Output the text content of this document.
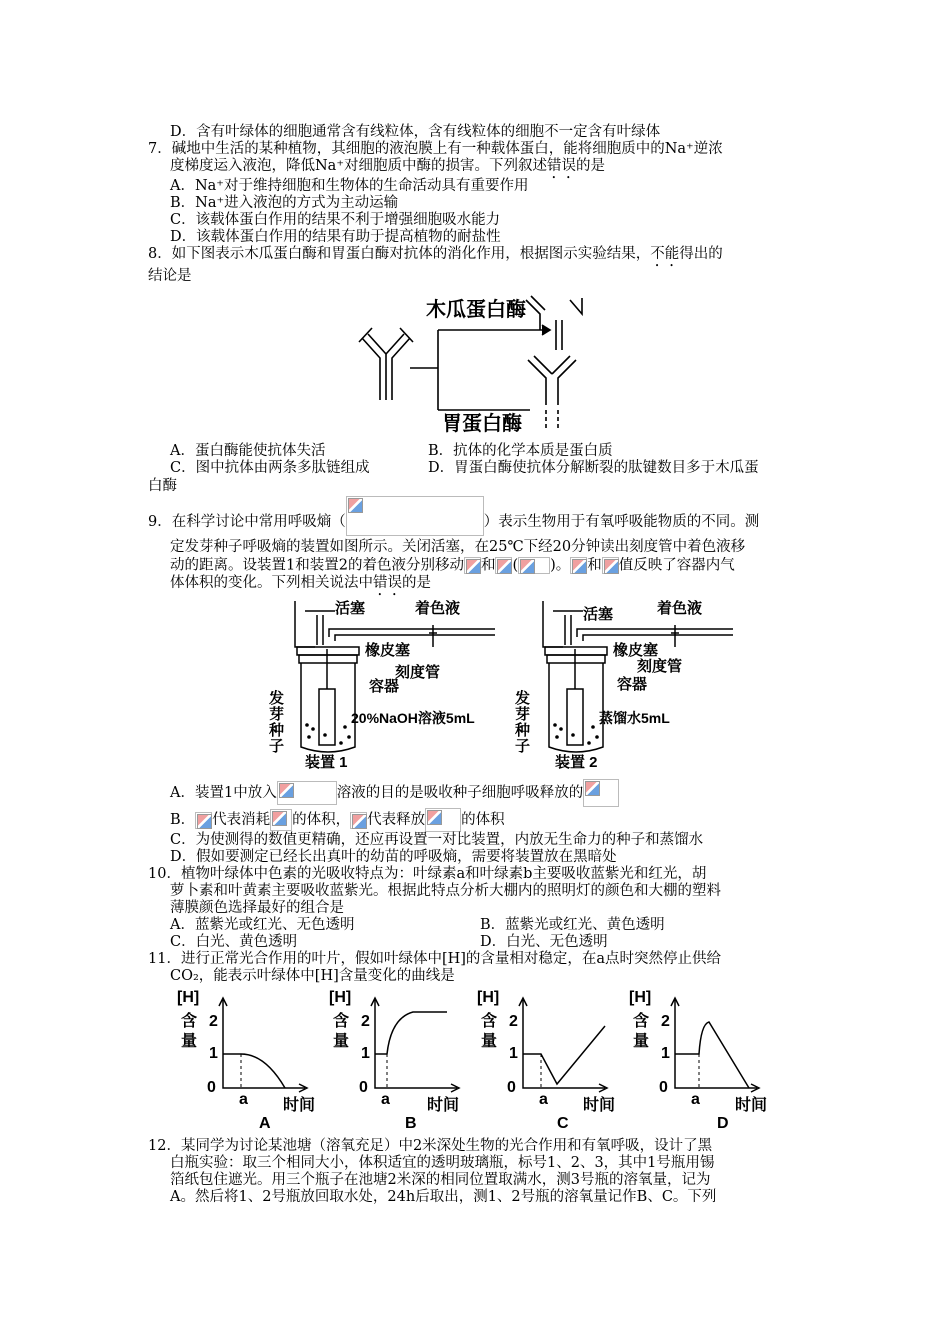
D．含有叶绿体的细胞通常含有线粒体，含有线粒体的细胞不一定含有叶绿体
7．碱地中生活的某种植物，其细胞的液泡膜上有一种载体蛋白，能将细胞质中的Na⁺逆浓
度梯度运入液泡，降低Na⁺对细胞质中酶的损害。下列叙述错误的是
A．Na⁺对于维持细胞和生物体的生命活动具有重要作用
B．Na⁺进入液泡的方式为主动运输
C．该载体蛋白作用的结果不利于增强细胞吸水能力
D．该载体蛋白作用的结果有助于提高植物的耐盐性
8．如下图表示木瓜蛋白酶和胃蛋白酶对抗体的消化作用，根据图示实验结果，不能得出的
结论是
木瓜蛋白酶
胃蛋白酶
A．蛋白酶能使抗体失活	B．抗体的化学本质是蛋白质
C．图中抗体由两条多肽链组成	D．胃蛋白酶使抗体分解断裂的肽键数目多于木瓜蛋
白酶
9．在科学讨论中常用呼吸熵（	）表示生物用于有氧呼吸能物质的不同。测
定发芽种子呼吸熵的装置如图所示。关闭活塞，在25℃下经20分钟读出刻度管中着色液移
动的距离。设装置1和装置2的着色液分别移动 和 ( )。 和 值反映了容器内气
体体积的变化。下列相关说法中错误的是
活塞	着色液
橡皮塞
刻度管
容器
20%NaOH溶液5mL
发
芽
种
子
装置 1
活塞	着色液
橡皮塞
刻度管
容器
蒸馏水5mL
发
芽
种
子
装置 2
A．装置1中放入	溶液的目的是吸收种子细胞呼吸释放的
B． 代表消耗 的体积， 代表释放 的体积
C．为使测得的数值更精确，还应再设置一对比装置，内放无生命力的种子和蒸馏水
D．假如要测定已经长出真叶的幼苗的呼吸熵，需要将装置放在黑暗处
10．植物叶绿体中色素的光吸收特点为：叶绿素a和叶绿素b主要吸收蓝紫光和红光，胡
萝卜素和叶黄素主要吸收蓝紫光。根据此特点分析大棚内的照明灯的颜色和大棚的塑料
薄膜颜色选择最好的组合是
A．蓝紫光或红光、无色透明	B．蓝紫光或红光、黄色透明
C．白光、黄色透明	D．白光、无色透明
11．进行正常光合作用的叶片，假如叶绿体中[H]的含量相对稳定，在a点时突然停止供给
CO₂，能表示叶绿体中[H]含量变化的曲线是
[H]
含
量
2
1
0
a 时间
A
[H]
含
量
2
1
0
a 时间
B
[H]
含
量
2
1
0
a 时间
C
[H]
含
量
2
1
0
a 时间
D
12．某同学为讨论某池塘（溶氧充足）中2米深处生物的光合作用和有氧呼吸，设计了黑
白瓶实验：取三个相同大小，体积适宜的透明玻璃瓶，标号1、2、3，其中1号瓶用锡
箔纸包住遮光。用三个瓶子在池塘2米深的相同位置取满水，测3号瓶的溶氧量，记为
A。然后将1、2号瓶放回取水处，24h后取出，测1、2号瓶的溶氧量记作B、C。下列
